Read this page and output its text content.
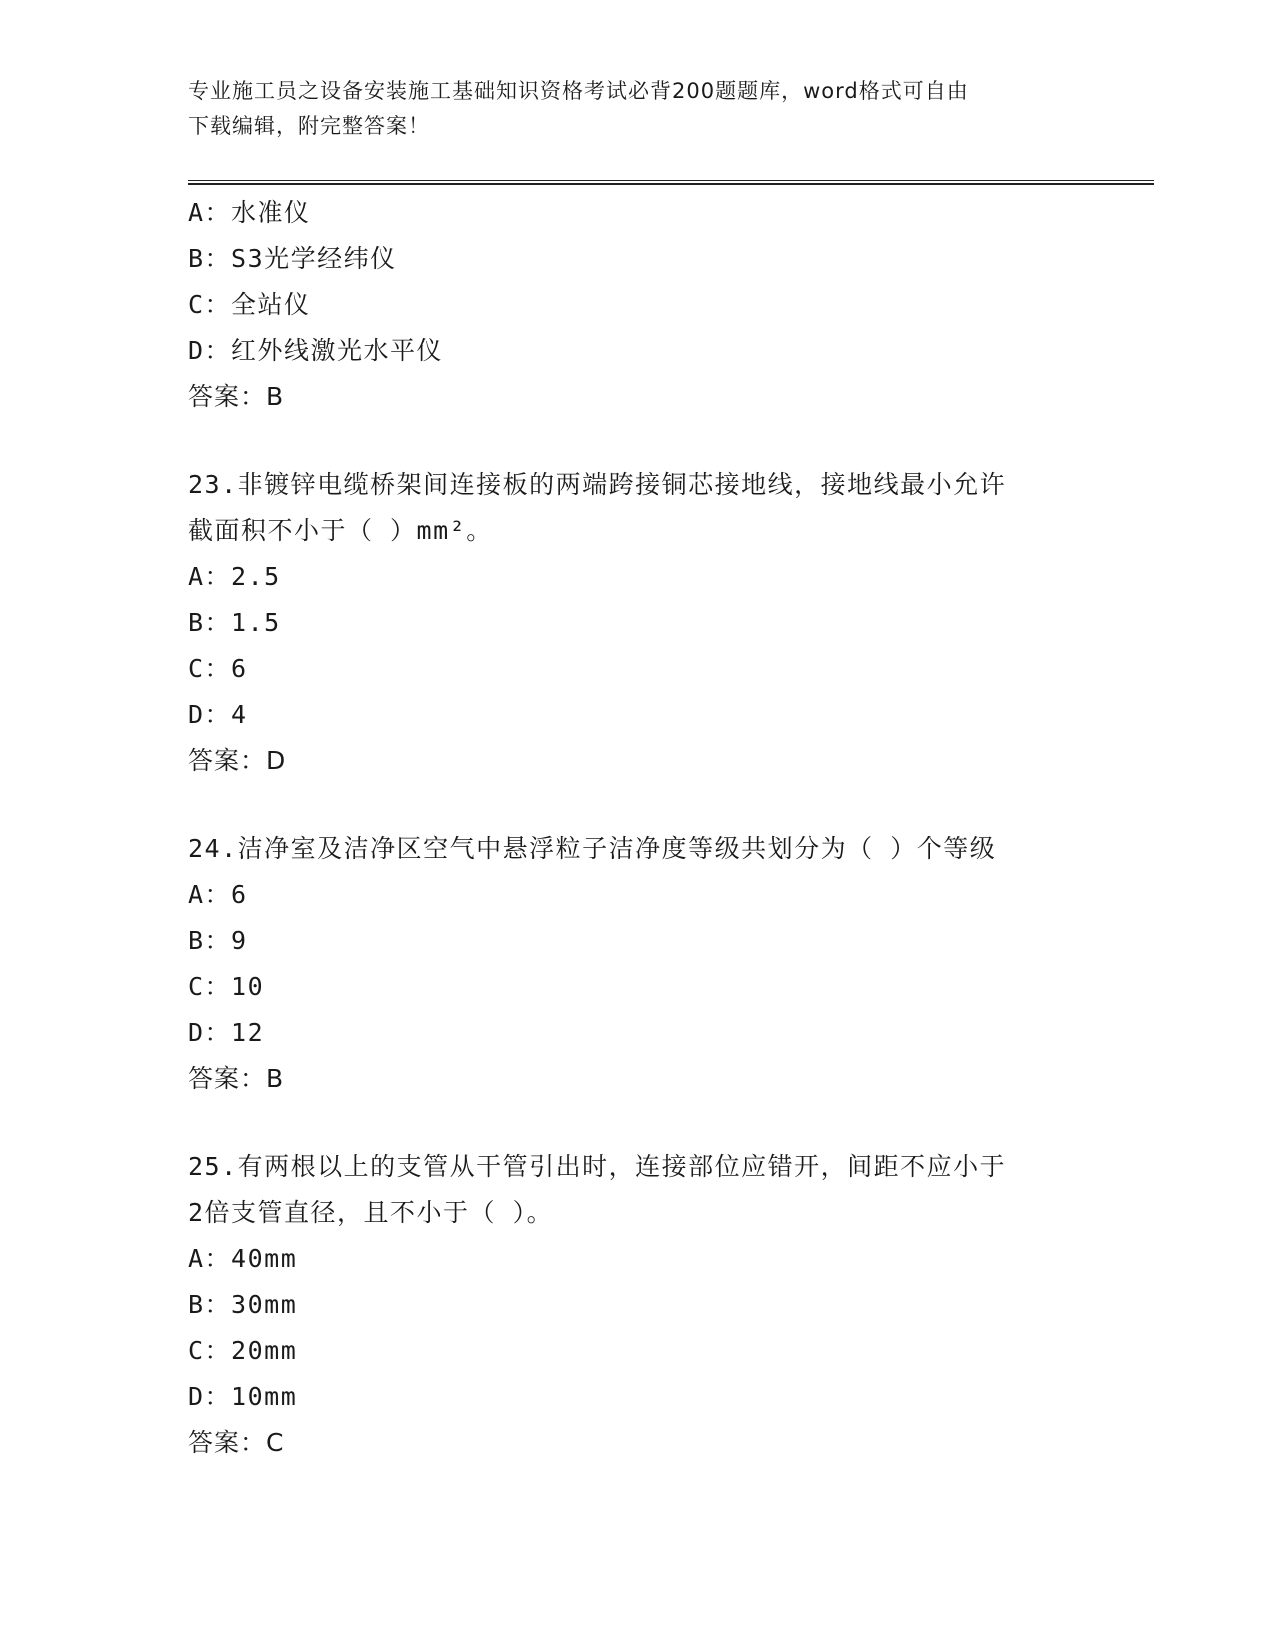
专业施工员之设备安装施工基础知识资格考试必背200题题库，word格式可自由
下载编辑，附完整答案！
A：水准仪
B：S3光学经纬仪
C：全站仪
D：红外线激光水平仪
答案：B
23.非镀锌电缆桥架间连接板的两端跨接铜芯接地线，接地线最小允许
截面积不小于（ ）mm²。
A：2.5
B：1.5
C：6
D：4
答案：D
24.洁净室及洁净区空气中悬浮粒子洁净度等级共划分为（ ）个等级
A：6
B：9
C：10
D：12
答案：B
25.有两根以上的支管从干管引出时，连接部位应错开，间距不应小于
2倍支管直径，且不小于（ ）。
A：40mm
B：30mm
C：20mm
D：10mm
答案：C
